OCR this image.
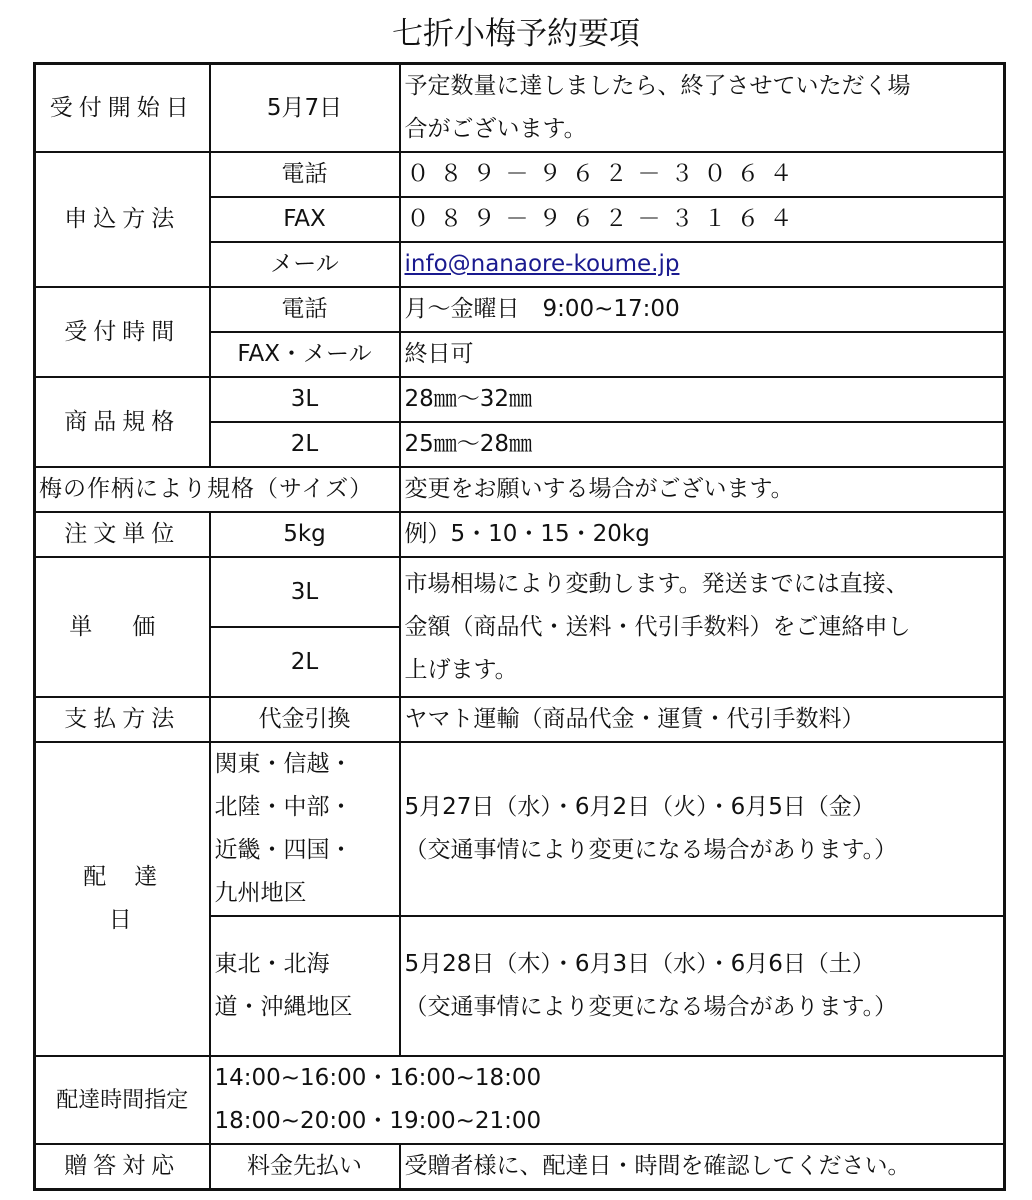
七折小梅予約要項
受付開始日	5月7日	予定数量に達しましたら、終了させていただく場
合がございます。

申込方法	電話	０８９－９６２－３０６４
	FAX	０８９－９６２－３１６４
	メール	info@nanaore-koume.jp
受付時間	電話	月～金曜日　9:00~17:00
	FAX・メール	終日可
商品規格	3L	28㎜～32㎜
	2L	25㎜～28㎜
梅の作柄により規格（サイズ）		変更をお願いする場合がございます。
注文単位	5kg	例）5・10・15・20kg
単価	3L	市場相場により変動します。発送までには直接、
金額（商品代・送料・代引手数料）をご連絡申し
上げます。

	2L	
支払方法	代金引換	ヤマト運輸（商品代金・運賃・代引手数料）
配達日	関東・信越・
北陸・中部・
近畿・四国・
九州地区	5月27日（水）・6月2日（火）・6月5日（金）
（交通事情により変更になる場合があります。）

	東北・北海
道・沖縄地区	5月28日（木）・6月3日（水）・6月6日（土）
（交通事情により変更になる場合があります。）

配達時間指定	14:00~16:00・16:00~18:00
18:00~20:00・19:00~21:00	

贈答対応	料金先払い	受贈者様に、配達日・時間を確認してください。
